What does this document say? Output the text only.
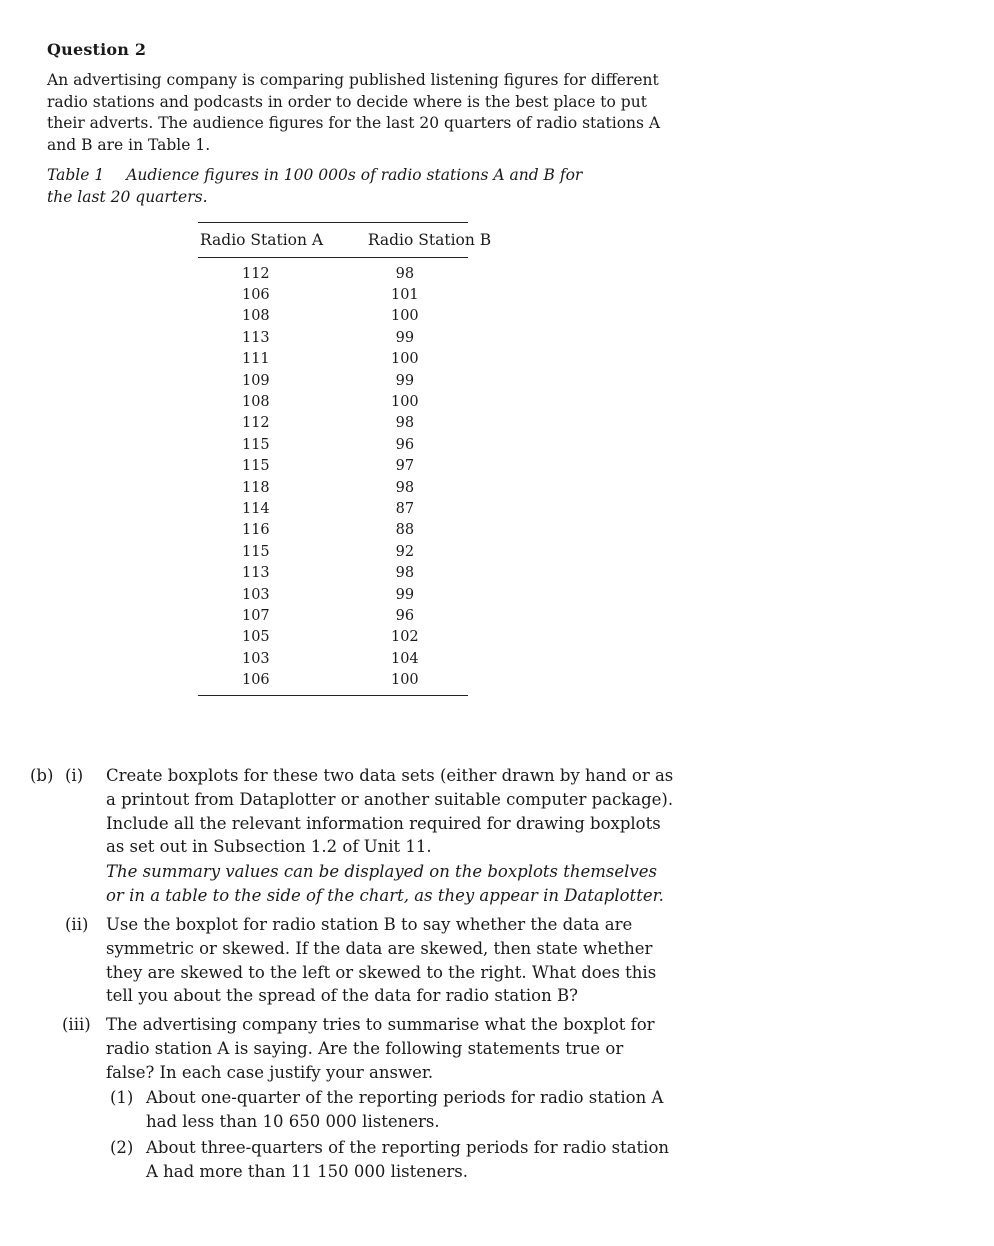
Question 2
An advertising company is comparing published listening figures for different radio stations and podcasts in order to decide where is the best place to put their adverts. The audience figures for the last 20 quarters of radio stations A and B are in Table 1.
Table 1 Audience figures in 100 000s of radio stations A and B for the last 20 quarters.
Radio Station A	Radio Station B
112	98
106	101
108	100
113	99
111	100
109	99
108	100
112	98
115	96
115	97
118	98
114	87
116	88
115	92
113	98
103	99
107	96
105	102
103	104
106	100
(b) (i) Create boxplots for these two data sets (either drawn by hand or as a printout from Dataplotter or another suitable computer package). Include all the relevant information required for drawing boxplots as set out in Subsection 1.2 of Unit 11.
The summary values can be displayed on the boxplots themselves or in a table to the side of the chart, as they appear in Dataplotter.
(ii) Use the boxplot for radio station B to say whether the data are symmetric or skewed. If the data are skewed, then state whether they are skewed to the left or skewed to the right. What does this tell you about the spread of the data for radio station B?
(iii) The advertising company tries to summarise what the boxplot for radio station A is saying. Are the following statements true or false? In each case justify your answer.
(1) About one-quarter of the reporting periods for radio station A had less than 10 650 000 listeners.
(2) About three-quarters of the reporting periods for radio station A had more than 11 150 000 listeners.
